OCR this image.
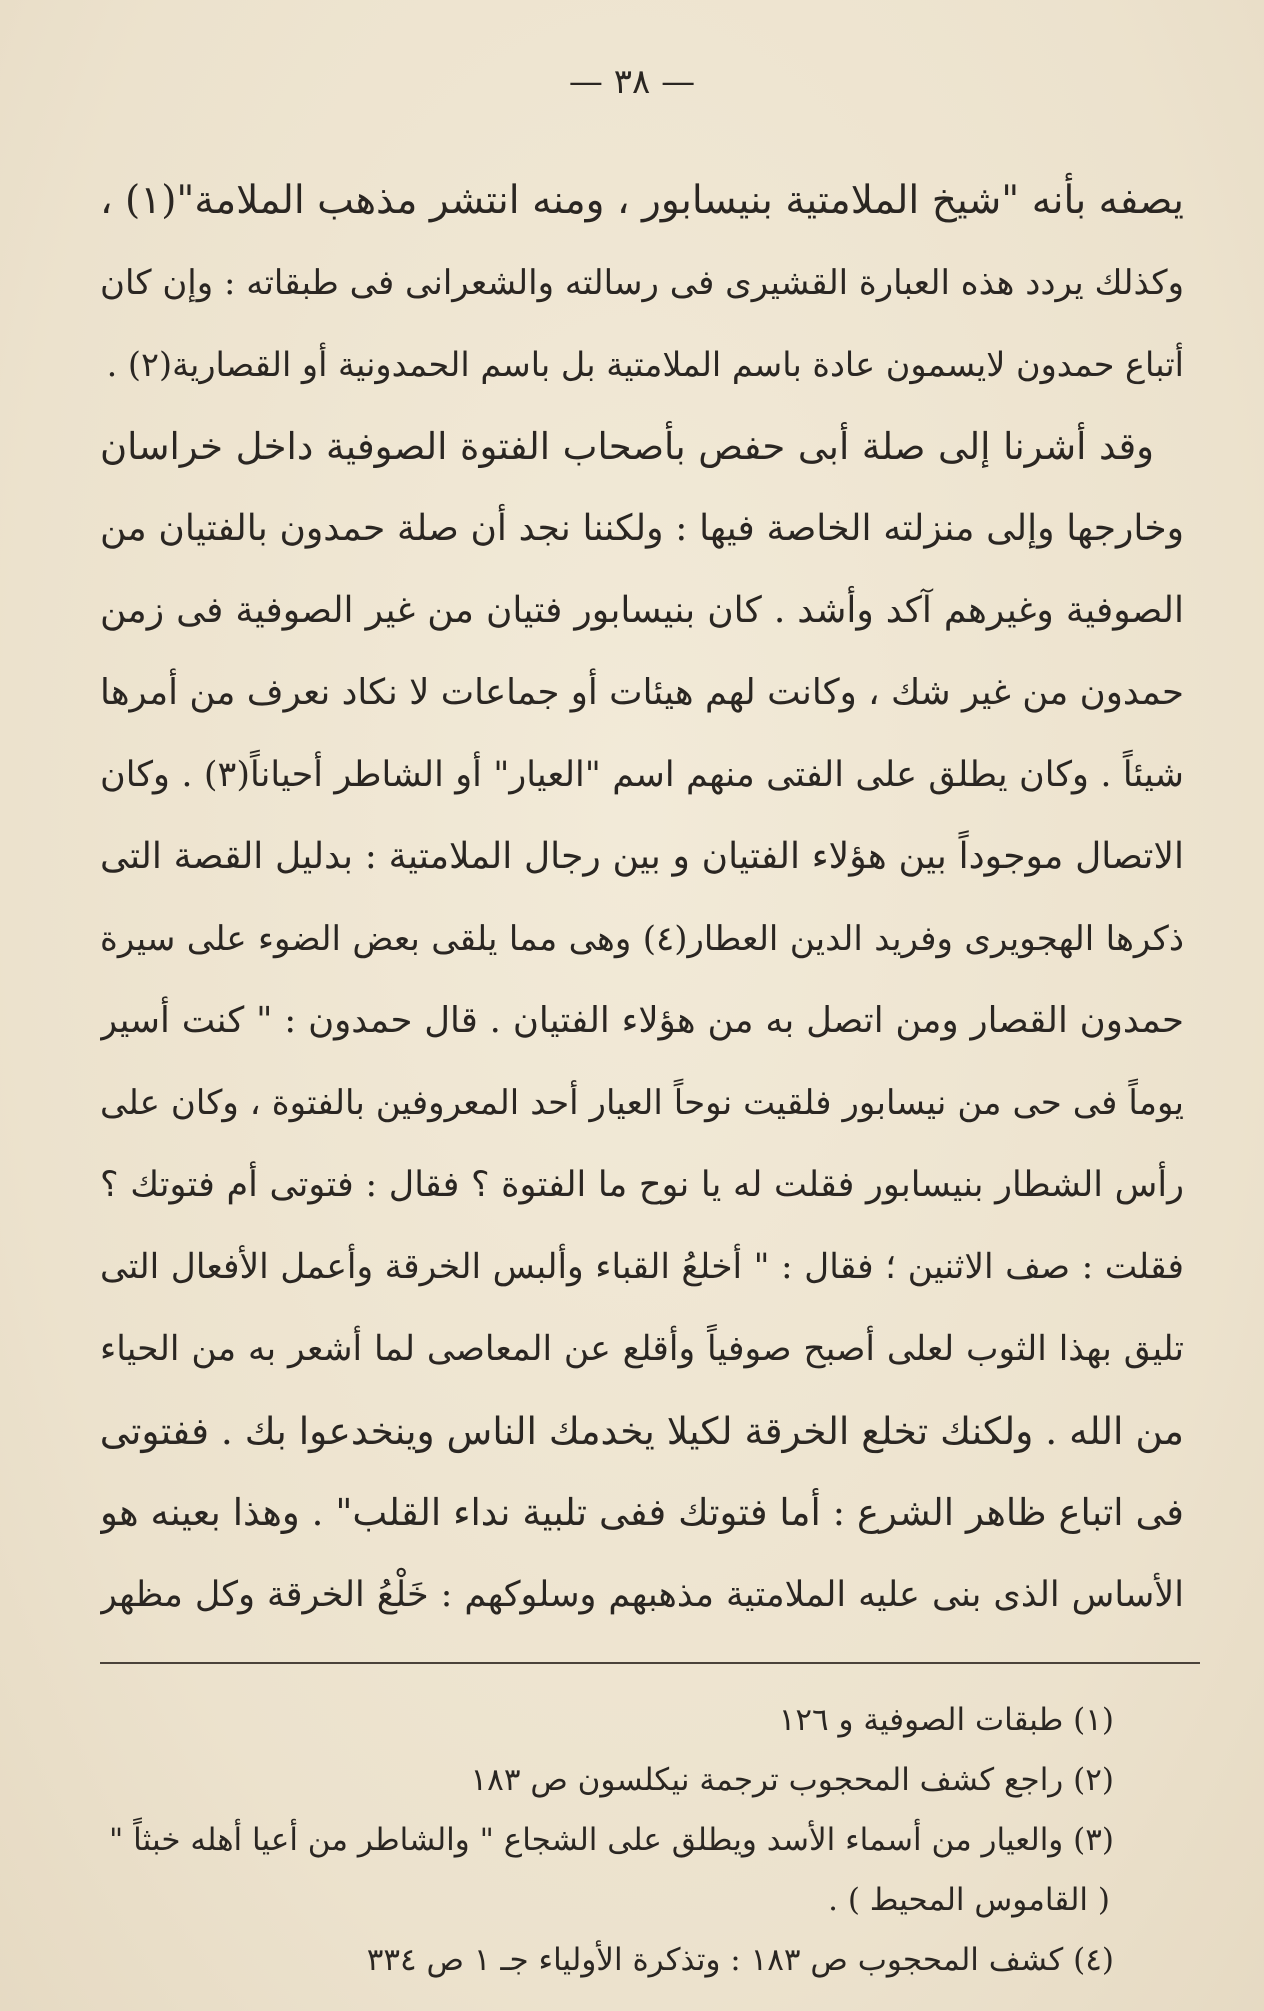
— ٣٨ —
يصفه بأنه "شيخ الملامتية بنيسابور ، ومنه انتشر مذهب الملامة"(١) ،
وكذلك يردد هذه العبارة القشيرى فى رسالته والشعرانى فى طبقاته : وإن كان
أتباع حمدون لايسمون عادة باسم الملامتية بل باسم الحمدونية أو القصارية(٢) .
وقد أشرنا إلى صلة أبى حفص بأصحاب الفتوة الصوفية داخل خراسان
وخارجها وإلى منزلته الخاصة فيها : ولكننا نجد أن صلة حمدون بالفتيان من
الصوفية وغيرهم آكد وأشد . كان بنيسابور فتيان من غير الصوفية فى زمن
حمدون من غير شك ، وكانت لهم هيئات أو جماعات لا نكاد نعرف من أمرها
شيئاً . وكان يطلق على الفتى منهم اسم "العيار" أو الشاطر أحياناً(٣) . وكان
الاتصال موجوداً بين هؤلاء الفتيان و بين رجال الملامتية : بدليل القصة التى
ذكرها الهجويرى وفريد الدين العطار(٤) وهى مما يلقى بعض الضوء على سيرة
حمدون القصار ومن اتصل به من هؤلاء الفتيان . قال حمدون : " كنت أسير
يوماً فى حى من نيسابور فلقيت نوحاً العيار أحد المعروفين بالفتوة ، وكان على
رأس الشطار بنيسابور فقلت له يا نوح ما الفتوة ؟ فقال : فتوتى أم فتوتك ؟
فقلت : صف الاثنين ؛ فقال : " أخلعُ القباء وألبس الخرقة وأعمل الأفعال التى
تليق بهذا الثوب لعلى أصبح صوفياً وأقلع عن المعاصى لما أشعر به من الحياء
من الله . ولكنك تخلع الخرقة لكيلا يخدمك الناس وينخدعوا بك . ففتوتى
فى اتباع ظاهر الشرع : أما فتوتك ففى تلبية نداء القلب" . وهذا بعينه هو
الأساس الذى بنى عليه الملامتية مذهبهم وسلوكهم : خَلْعُ الخرقة وكل مظهر
(١) طبقات الصوفية و ١٢٦
(٢) راجع كشف المحجوب ترجمة نيكلسون ص ١٨٣
(٣) والعيار من أسماء الأسد ويطلق على الشجاع " والشاطر من أعيا أهله خبثاً "
( القاموس المحيط ) .
(٤) كشف المحجوب ص ١٨٣ : وتذكرة الأولياء جـ ١ ص ٣٣٤
